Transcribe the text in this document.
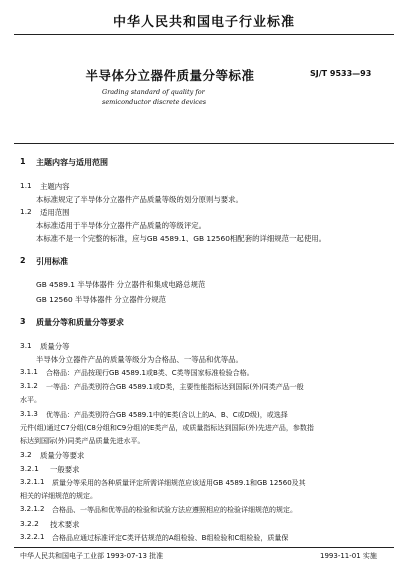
中华人民共和国电子行业标准
半导体分立器件质量分等标准	SJ/T 9533—93
Grading standard of quality for
semiconductor discrete devices
1 主题内容与适用范围
1.1 主题内容
本标准规定了半导体分立器件产品质量等级的划分原则与要求。
1.2 适用范围
本标准适用于半导体分立器件产品质量的等级评定。
本标准不是一个完整的标准，应与GB 4589.1、GB 12560相配套的详细规范一起使用。
2 引用标准
GB 4589.1 半导体器件 分立器件和集成电路总规范
GB 12560 半导体器件 分立器件分规范
3 质量分等和质量分等要求
3.1 质量分等
半导体分立器件产品的质量等级分为合格品、一等品和优等品。
3.1.1 合格品：产品按现行GB 4589.1或B类、C类等国家标准检验合格。
3.1.2 一等品：产品类别符合GB 4589.1或D类，主要性能指标达到国际(外)同类产品一般
水平。
3.1.3 优等品：产品类别符合GB 4589.1中的E类(含以上的A、B、C或D级)，或选择
元件(组)通过C7分组(C8分组和C9分组)的E类产品，或质量指标达到国际(外)先进产品，参数指
标达到国际(外)同类产品质量先进水平。
3.2 质量分等要求
3.2.1 一般要求
3.2.1.1 质量分等采用的各种质量评定所需详细规范应该适用GB 4589.1和GB 12560及其
相关的详细规范的规定。
3.2.1.2 合格品、一等品和优等品的检验和试验方法应遵照相应的检验详细规范的规定。
3.2.2 技术要求
3.2.2.1 合格品应通过标准评定C类评估规范的A组检验、B组检验和C组检验，质量保
中华人民共和国电子工业部 1993-07-13 批准	1993-11-01 实施
